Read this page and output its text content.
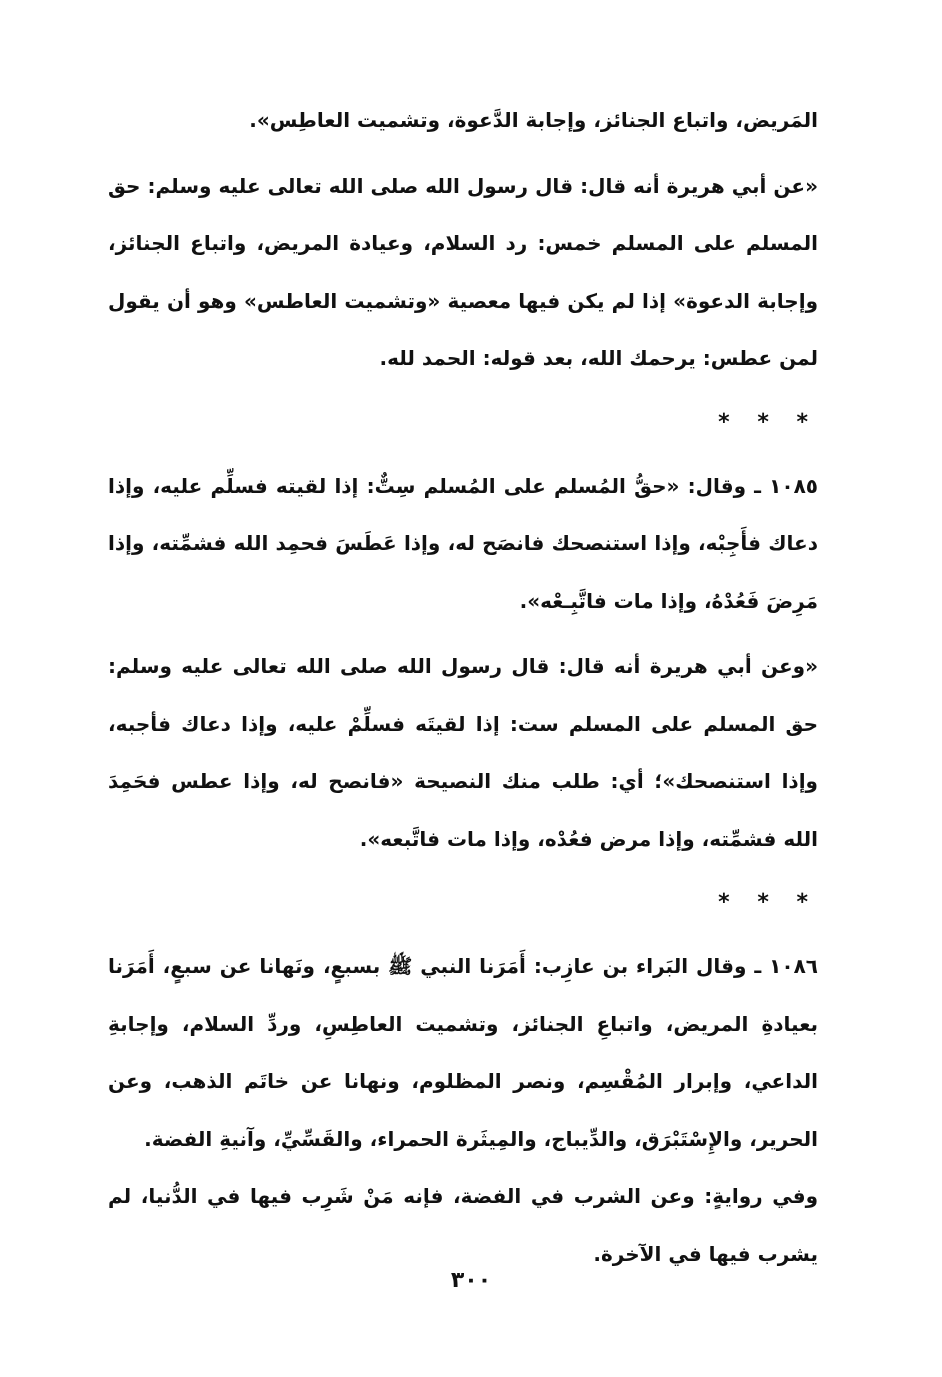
المَريض، واتباع الجنائز، وإجابة الدَّعوة، وتشميت العاطِس».

«عن أبي هريرة أنه قال: قال رسول الله صلى الله تعالى عليه وسلم: حق المسلم على المسلم خمس: رد السلام، وعيادة المريض، واتباع الجنائز، وإجابة الدعوة» إذا لم يكن فيها معصية «وتشميت العاطس» وهو أن يقول لمن عطس: يرحمك الله، بعد قوله: الحمد لله.

* * *

١٠٨٥ ـ وقال: «حقُّ المُسلم على المُسلم سِتٌّ: إذا لقيته فسلِّم عليه، وإذا دعاك فأَجِبْه، وإذا استنصحك فانصَح له، وإذا عَطَسَ فحمِد الله فشمِّته، وإذا مَرِضَ فَعُدْهُ، وإذا مات فاتَّبِـعْه».

«وعن أبي هريرة أنه قال: قال رسول الله صلى الله تعالى عليه وسلم: حق المسلم على المسلم ست: إذا لقيتَه فسلِّمْ عليه، وإذا دعاك فأجبه، وإذا استنصحك»؛ أي: طلب منك النصيحة «فانصح له، وإذا عطس فحَمِدَ الله فشمِّته، وإذا مرض فعُدْه، وإذا مات فاتَّبعه».

* * *

١٠٨٦ ـ وقال البَراء بن عازِب: أَمَرَنا النبي ﷺ بسبعٍ، ونَهانا عن سبعٍ، أَمَرَنا بعيادةِ المريض، واتباعِ الجنائز، وتشميت العاطِسِ، وردِّ السلام، وإجابةِ الداعي، وإبرار المُقْسِم، ونصر المظلوم، ونهانا عن خاتَم الذهب، وعن الحرير، والإِسْتَبْرَق، والدِّيباج، والمِيثَرة الحمراء، والقَسِّيِّ، وآنيةِ الفضة.

وفي روايةٍ: وعن الشرب في الفضة، فإنه مَنْ شَرِب فيها في الدُّنيا، لم يشرب فيها في الآخرة.

٣٠٠
